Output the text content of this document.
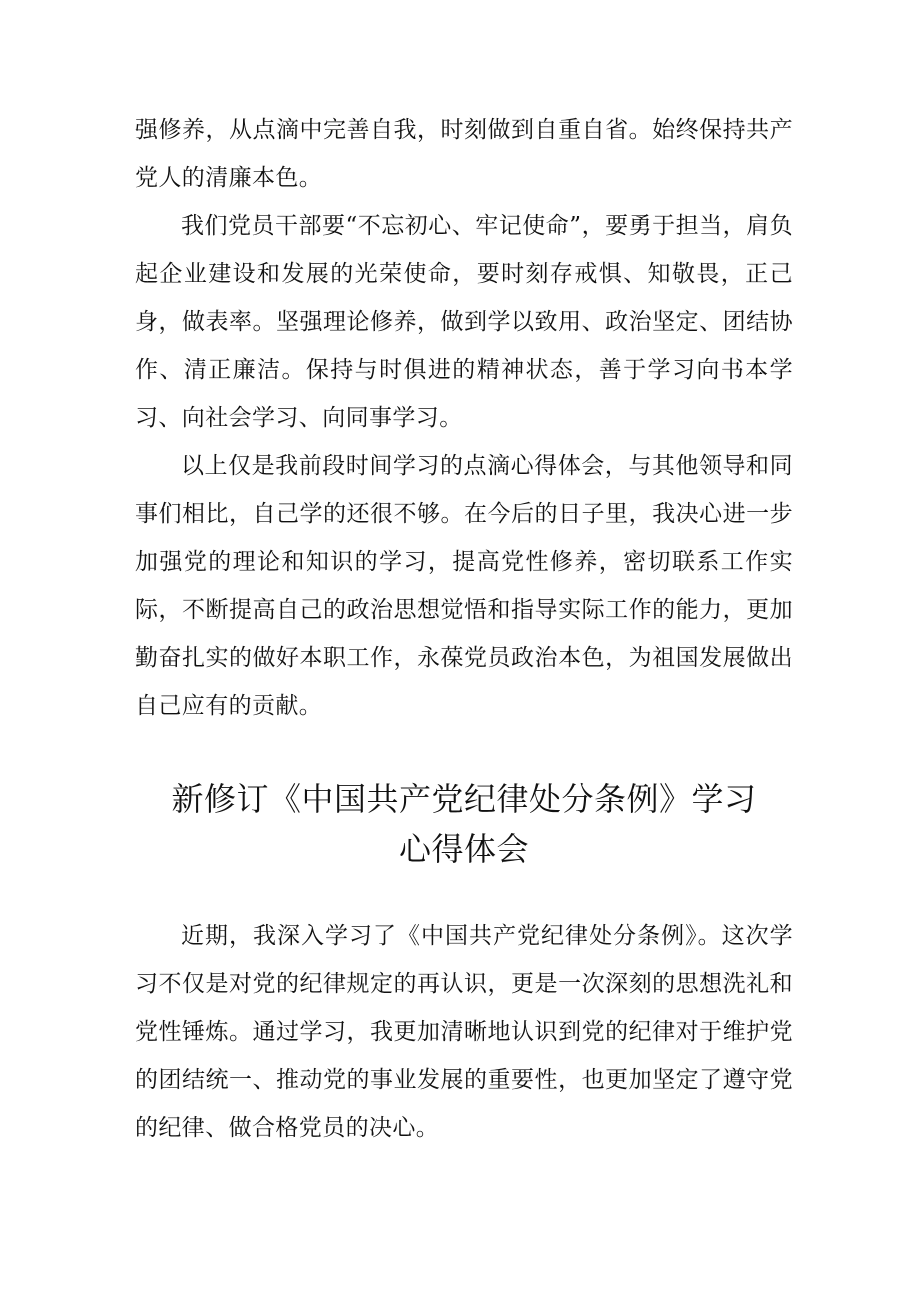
强修养，从点滴中完善自我，时刻做到自重自省。始终保持共产党人的清廉本色。

我们党员干部要“不忘初心、牢记使命”，要勇于担当，肩负起企业建设和发展的光荣使命，要时刻存戒惧、知敬畏，正己身，做表率。坚强理论修养，做到学以致用、政治坚定、团结协作、清正廉洁。保持与时俱进的精神状态，善于学习向书本学习、向社会学习、向同事学习。

以上仅是我前段时间学习的点滴心得体会，与其他领导和同事们相比，自己学的还很不够。在今后的日子里，我决心进一步加强党的理论和知识的学习，提高党性修养，密切联系工作实际，不断提高自己的政治思想觉悟和指导实际工作的能力，更加勤奋扎实的做好本职工作，永葆党员政治本色，为祖国发展做出自己应有的贡献。

新修订《中国共产党纪律处分条例》学习

心得体会

近期，我深入学习了《中国共产党纪律处分条例》。这次学习不仅是对党的纪律规定的再认识，更是一次深刻的思想洗礼和党性锤炼。通过学习，我更加清晰地认识到党的纪律对于维护党的团结统一、推动党的事业发展的重要性，也更加坚定了遵守党的纪律、做合格党员的决心。
